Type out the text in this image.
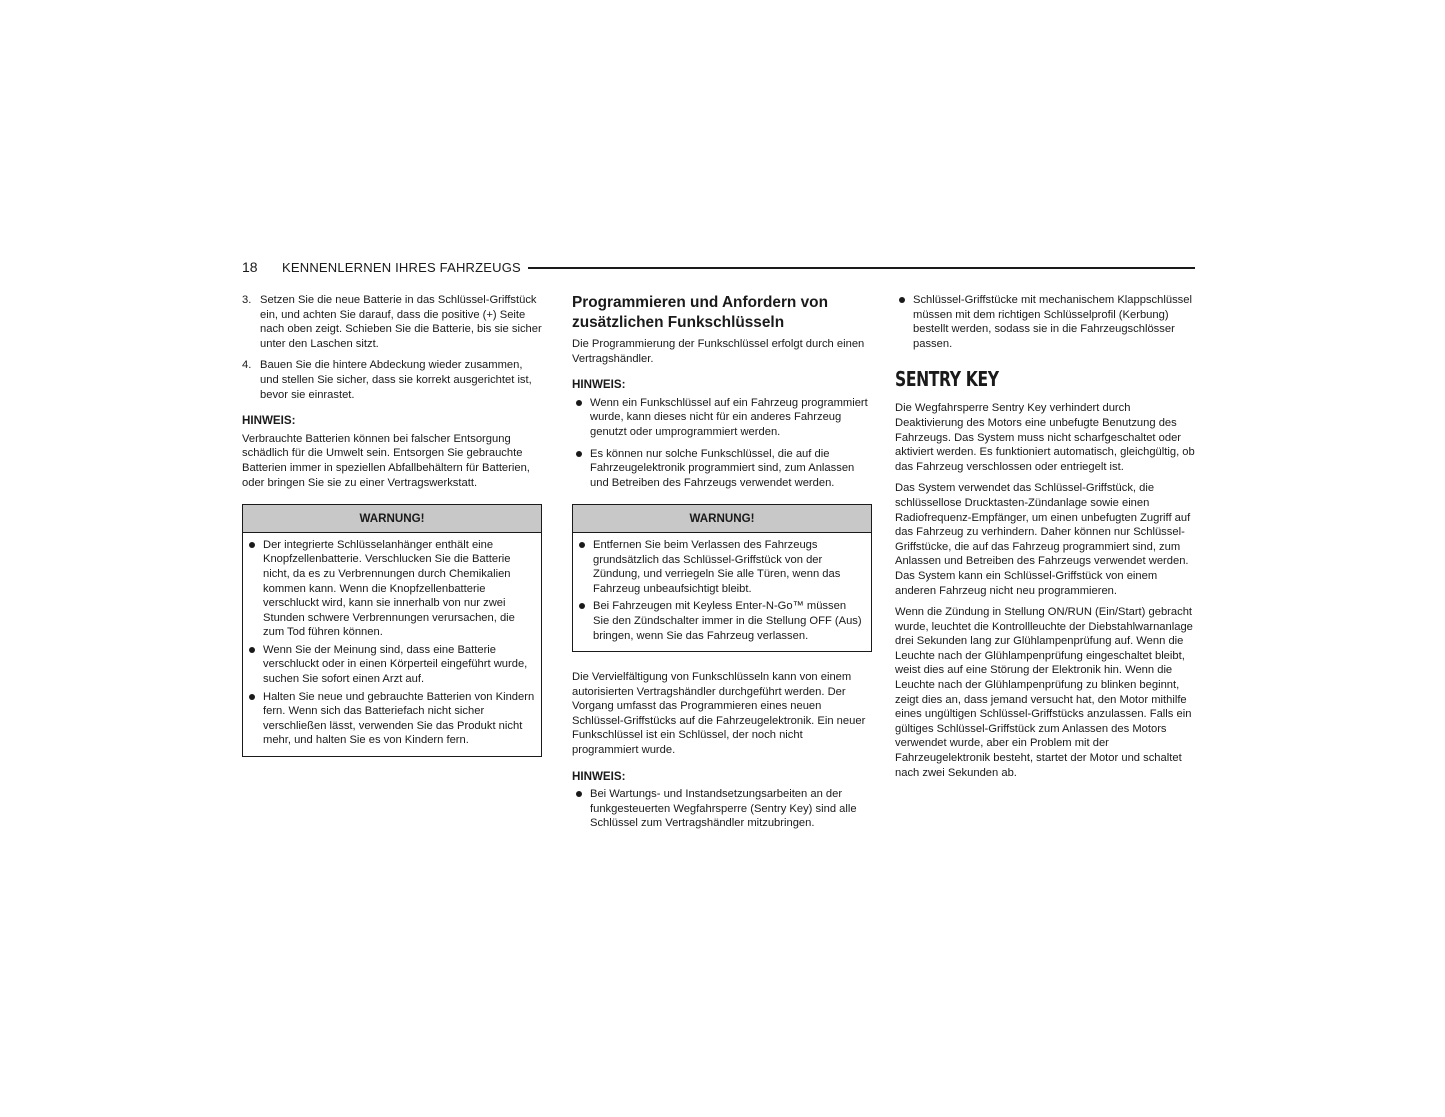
18 KENNENLERNEN IHRES FAHRZEUGS
3. Setzen Sie die neue Batterie in das Schlüssel-Griffstück ein, und achten Sie darauf, dass die positive (+) Seite nach oben zeigt. Schieben Sie die Batterie, bis sie sicher unter den Laschen sitzt.
4. Bauen Sie die hintere Abdeckung wieder zusammen, und stellen Sie sicher, dass sie korrekt ausgerichtet ist, bevor sie einrastet.
HINWEIS:

Verbrauchte Batterien können bei falscher Entsorgung schädlich für die Umwelt sein. Entsorgen Sie gebrauchte Batterien immer in speziellen Abfallbehältern für Batterien, oder bringen Sie sie zu einer Vertragswerkstatt.

WARNUNG!
Der integrierte Schlüsselanhänger enthält eine Knopfzellenbatterie. Verschlucken Sie die Batterie nicht, da es zu Verbrennungen durch Chemikalien kommen kann. Wenn die Knopfzellenbatterie verschluckt wird, kann sie innerhalb von nur zwei Stunden schwere Verbrennungen verursachen, die zum Tod führen können.
Wenn Sie der Meinung sind, dass eine Batterie verschluckt oder in einen Körperteil eingeführt wurde, suchen Sie sofort einen Arzt auf.
Halten Sie neue und gebrauchte Batterien von Kindern fern. Wenn sich das Batteriefach nicht sicher verschließen lässt, verwenden Sie das Produkt nicht mehr, und halten Sie es von Kindern fern.
Programmieren und Anfordern von zusätzlichen Funkschlüsseln

Die Programmierung der Funkschlüssel erfolgt durch einen Vertragshändler.

HINWEIS:
Wenn ein Funkschlüssel auf ein Fahrzeug programmiert wurde, kann dieses nicht für ein anderes Fahrzeug genutzt oder umprogrammiert werden.
Es können nur solche Funkschlüssel, die auf die Fahrzeugelektronik programmiert sind, zum Anlassen und Betreiben des Fahrzeugs verwendet werden.
WARNUNG!
Entfernen Sie beim Verlassen des Fahrzeugs grundsätzlich das Schlüssel-Griffstück von der Zündung, und verriegeln Sie alle Türen, wenn das Fahrzeug unbeaufsichtigt bleibt.
Bei Fahrzeugen mit Keyless Enter-N-Go™ müssen Sie den Zündschalter immer in die Stellung OFF (Aus) bringen, wenn Sie das Fahrzeug verlassen.

Die Vervielfältigung von Funkschlüsseln kann von einem autorisierten Vertragshändler durchgeführt werden. Der Vorgang umfasst das Programmieren eines neuen Schlüssel-Griffstücks auf die Fahrzeugelektronik. Ein neuer Funkschlüssel ist ein Schlüssel, der noch nicht programmiert wurde.

HINWEIS:
Bei Wartungs- und Instandsetzungsarbeiten an der funkgesteuerten Wegfahrsperre (Sentry Key) sind alle Schlüssel zum Vertragshändler mitzubringen.
Schlüssel-Griffstücke mit mechanischem Klappschlüssel müssen mit dem richtigen Schlüsselprofil (Kerbung) bestellt werden, sodass sie in die Fahrzeugschlösser passen.
SENTRY KEY

Die Wegfahrsperre Sentry Key verhindert durch Deaktivierung des Motors eine unbefugte Benutzung des Fahrzeugs. Das System muss nicht scharfgeschaltet oder aktiviert werden. Es funktioniert automatisch, gleichgültig, ob das Fahrzeug verschlossen oder entriegelt ist.

Das System verwendet das Schlüssel-Griffstück, die schlüssellose Drucktasten-Zündanlage sowie einen Radiofrequenz-Empfänger, um einen unbefugten Zugriff auf das Fahrzeug zu verhindern. Daher können nur Schlüssel-Griffstücke, die auf das Fahrzeug programmiert sind, zum Anlassen und Betreiben des Fahrzeugs verwendet werden. Das System kann ein Schlüssel-Griffstück von einem anderen Fahrzeug nicht neu programmieren.

Wenn die Zündung in Stellung ON/RUN (Ein/Start) gebracht wurde, leuchtet die Kontrollleuchte der Diebstahlwarnanlage drei Sekunden lang zur Glühlampenprüfung auf. Wenn die Leuchte nach der Glühlampenprüfung eingeschaltet bleibt, weist dies auf eine Störung der Elektronik hin. Wenn die Leuchte nach der Glühlampenprüfung zu blinken beginnt, zeigt dies an, dass jemand versucht hat, den Motor mithilfe eines ungültigen Schlüssel-Griffstücks anzulassen. Falls ein gültiges Schlüssel-Griffstück zum Anlassen des Motors verwendet wurde, aber ein Problem mit der Fahrzeugelektronik besteht, startet der Motor und schaltet nach zwei Sekunden ab.
